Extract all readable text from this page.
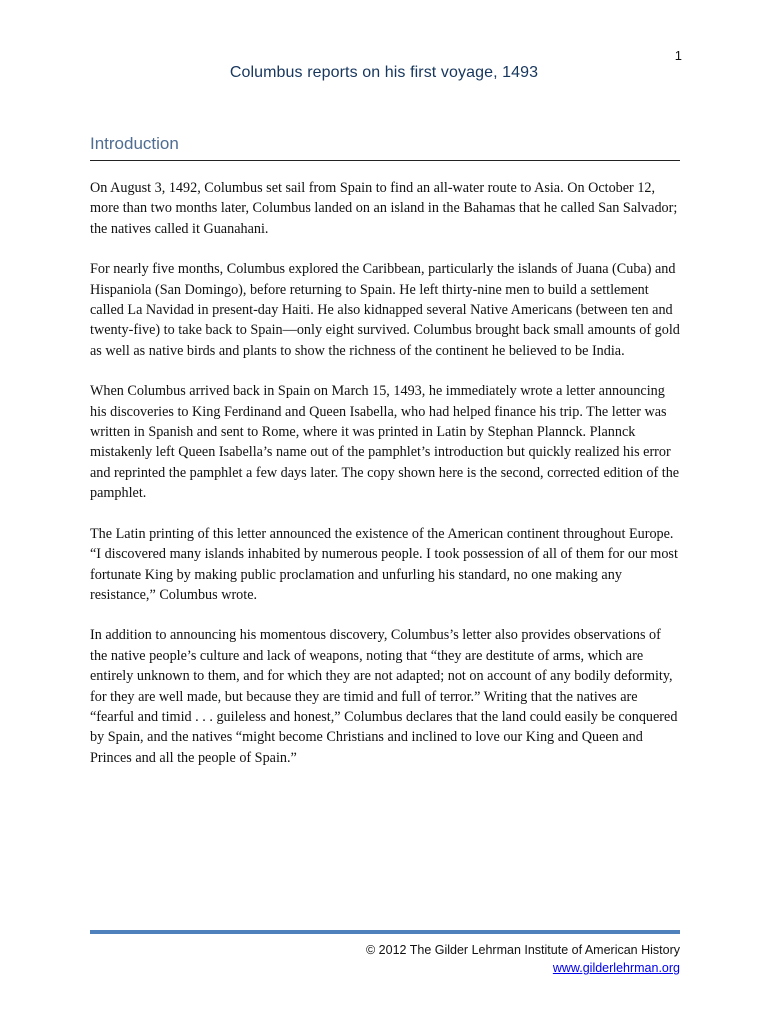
1
Columbus reports on his first voyage, 1493
Introduction

On August 3, 1492, Columbus set sail from Spain to find an all-water route to Asia. On October 12, more than two months later, Columbus landed on an island in the Bahamas that he called San Salvador; the natives called it Guanahani.

For nearly five months, Columbus explored the Caribbean, particularly the islands of Juana (Cuba) and Hispaniola (San Domingo), before returning to Spain. He left thirty-nine men to build a settlement called La Navidad in present-day Haiti. He also kidnapped several Native Americans (between ten and twenty-five) to take back to Spain—only eight survived. Columbus brought back small amounts of gold as well as native birds and plants to show the richness of the continent he believed to be India.

When Columbus arrived back in Spain on March 15, 1493, he immediately wrote a letter announcing his discoveries to King Ferdinand and Queen Isabella, who had helped finance his trip. The letter was written in Spanish and sent to Rome, where it was printed in Latin by Stephan Plannck. Plannck mistakenly left Queen Isabella’s name out of the pamphlet’s introduction but quickly realized his error and reprinted the pamphlet a few days later. The copy shown here is the second, corrected edition of the pamphlet.

The Latin printing of this letter announced the existence of the American continent throughout Europe. “I discovered many islands inhabited by numerous people. I took possession of all of them for our most fortunate King by making public proclamation and unfurling his standard, no one making any resistance,” Columbus wrote.

In addition to announcing his momentous discovery, Columbus’s letter also provides observations of the native people’s culture and lack of weapons, noting that “they are destitute of arms, which are entirely unknown to them, and for which they are not adapted; not on account of any bodily deformity, for they are well made, but because they are timid and full of terror.” Writing that the natives are “fearful and timid . . . guileless and honest,” Columbus declares that the land could easily be conquered by Spain, and the natives “might become Christians and inclined to love our King and Queen and Princes and all the people of Spain.”

© 2012 The Gilder Lehrman Institute of American History
www.gilderlehrman.org
